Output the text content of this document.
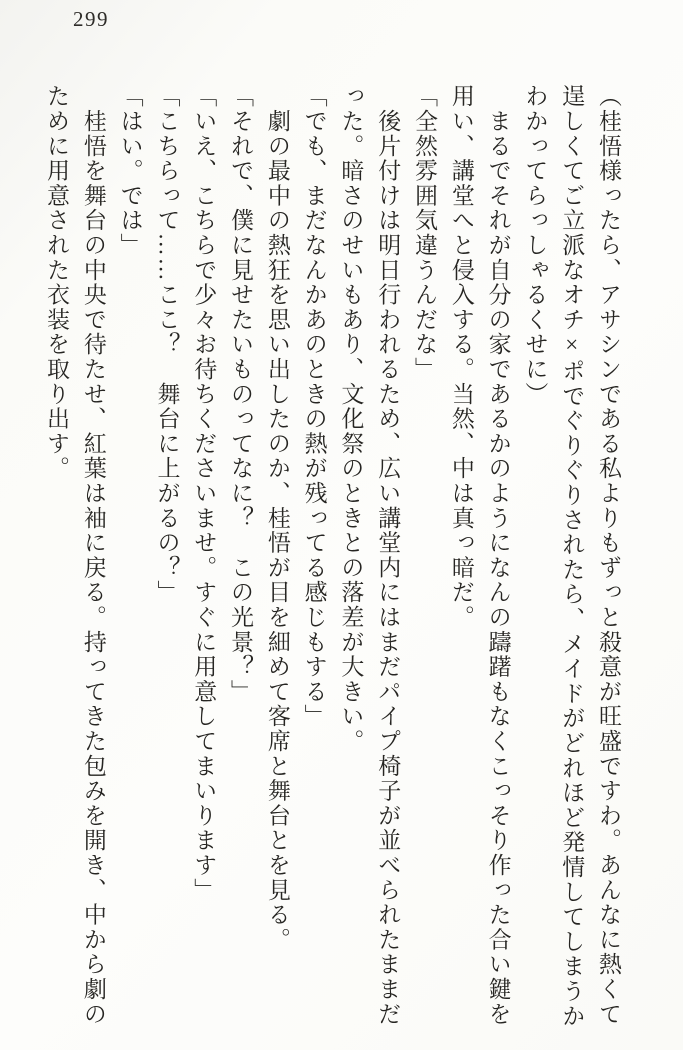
299

（桂悟様ったら、アサシンである私よりもずっと殺意が旺盛ですわ。あんなに熱くて

逞しくてご立派なオチ×ポでぐりぐりされたら、メイドがどれほど発情してしまうか

わかってらっしゃるくせに）

　まるでそれが自分の家であるかのようになんの躊躇もなくこっそり作った合い鍵を

用い、講堂へと侵入する。当然、中は真っ暗だ。

「全然雰囲気違うんだな」

　後片付けは明日行われるため、広い講堂内にはまだパイプ椅子が並べられたままだ

った。暗さのせいもあり、文化祭のときとの落差が大きい。

「でも、まだなんかあのときの熱が残ってる感じもする」

　劇の最中の熱狂を思い出したのか、桂悟が目を細めて客席と舞台とを見る。

「それで、僕に見せたいものってなに？　この光景？」

「いえ、こちらで少々お待ちくださいませ。すぐに用意してまいります」

「こちらって……ここ？　舞台に上がるの？」

「はい。では」

　桂悟を舞台の中央で待たせ、紅葉は袖に戻る。持ってきた包みを開き、中から劇の

ために用意された衣装を取り出す。
